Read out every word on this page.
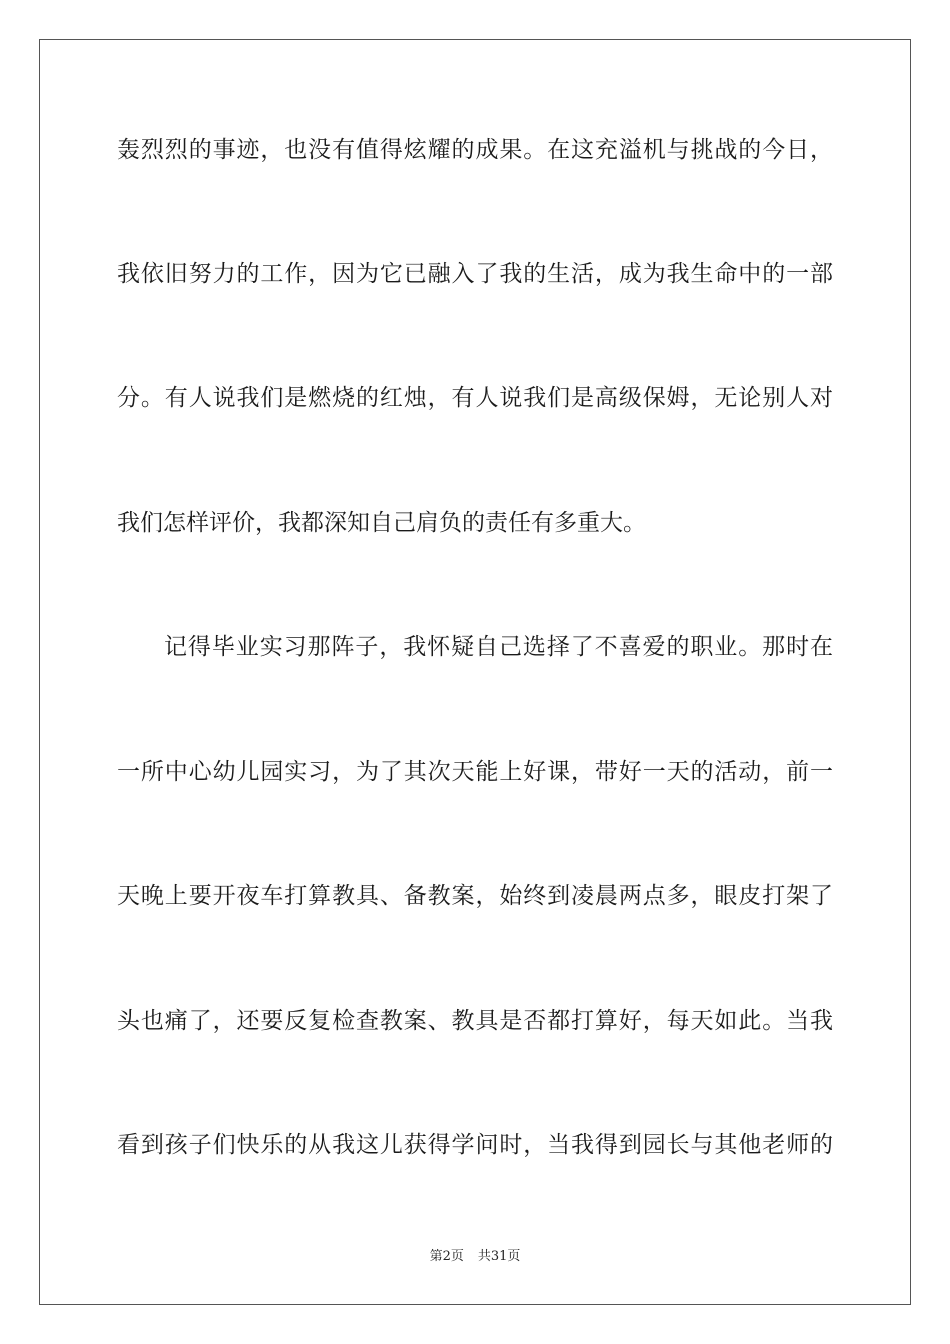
轰烈烈的事迹，也没有值得炫耀的成果。在这充溢机与挑战的今日，
我依旧努力的工作，因为它已融入了我的生活，成为我生命中的一部
分。有人说我们是燃烧的红烛，有人说我们是高级保姆，无论别人对
我们怎样评价，我都深知自己肩负的责任有多重大。
记得毕业实习那阵子，我怀疑自己选择了不喜爱的职业。那时在
一所中心幼儿园实习，为了其次天能上好课，带好一天的活动，前一
天晚上要开夜车打算教具、备教案，始终到凌晨两点多，眼皮打架了
头也痛了，还要反复检查教案、教具是否都打算好，每天如此。当我
看到孩子们快乐的从我这儿获得学问时，当我得到园长与其他老师的
第2页 共31页
